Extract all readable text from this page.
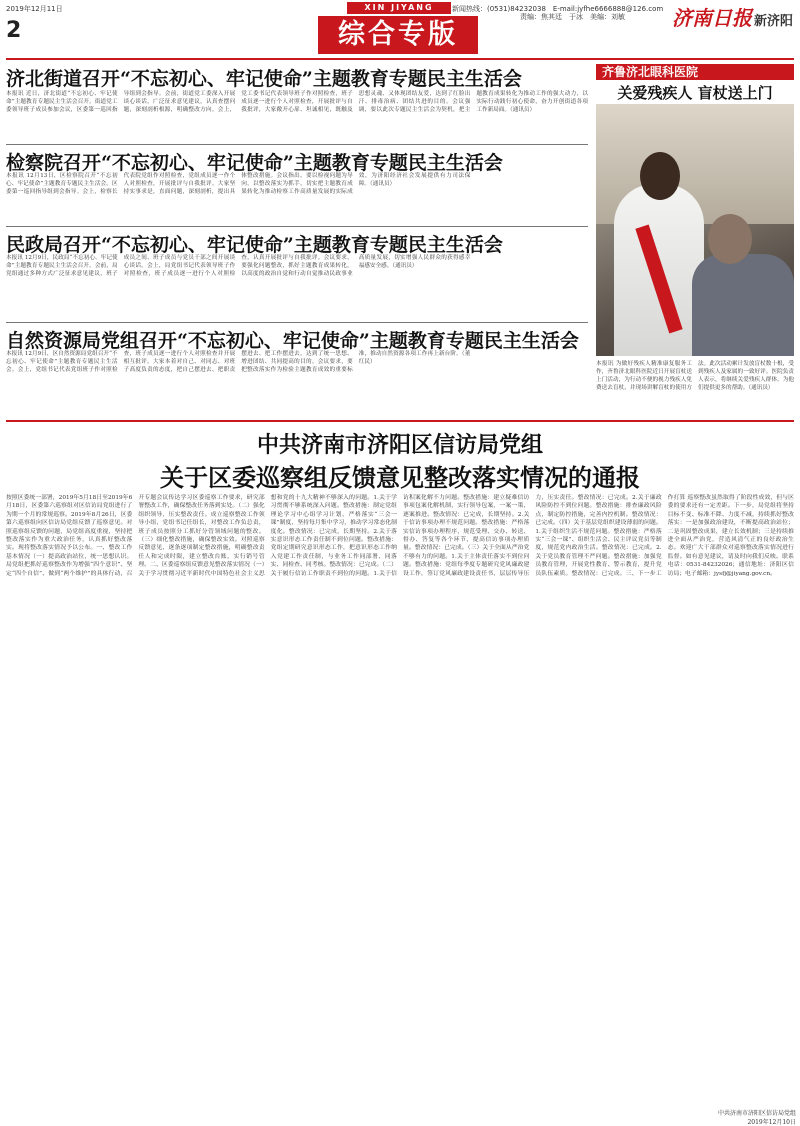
2019年12月11日	XIN JIYANG	新闻热线：(0531)84232038　E-mail:jyfhe6666888@126.com
责编：焦其廷　于冰　美编：刘敏
2	综合专版
济南日报 新济阳
济北街道召开“不忘初心、牢记使命”主题教育专题民主生活会
本报讯 近日，济北街道“不忘初心、牢记使命”主题教育专题民主生活会召开。街道党工委领导班子成员参加会议，区委第一巡回指导组到会指导。会前，街道党工委深入开展谈心谈话，广泛征求意见建议，认真查摆问题，深刻剖析根源，明确整改方向。会上，党工委书记代表领导班子作对照检查，班子成员逐一进行个人对照检查，开展批评与自我批评，大家敞开心扉、坦诚相见，既触及思想灵魂、又体现团结友爱，达到了红脸出汗、排毒治病、团结共进的目的。会议强调，要以此次专题民主生活会为契机，把主题教育成果转化为推动工作的强大动力，以实际行动践行初心使命，奋力开创街道各项工作新局面。（通讯员）
检察院召开“不忘初心、牢记使命”主题教育专题民主生活会
本报讯 12月13日，区检察院召开“不忘初心、牢记使命”主题教育专题民主生活会。区委第一巡回指导组到会指导。会上，检察长代表院党组作对照检查，党组成员逐一作个人对照检查，开展批评与自我批评。大家坚持实事求是，直面问题，深刻剖析，提出具体整改措施。会议指出，要以检视问题为导向，以整改落实为抓手，切实把主题教育成果转化为推动检察工作高质量发展的实际成效，为济阳经济社会发展提供有力司法保障。（通讯员）
民政局召开“不忘初心、牢记使命”主题教育专题民主生活会
本报讯 12月9日，民政局“不忘初心、牢记使命”主题教育专题民主生活会召开。会前，局党组通过多种方式广泛征求意见建议，班子成员之间、班子成员与党员干部之间开展谈心谈话。会上，局党组书记代表领导班子作对照检查，班子成员逐一进行个人对照检查，认真开展批评与自我批评。会议要求，要强化问题整改，抓好主题教育成果转化，以高度的政治自觉和行动自觉推动民政事业高质量发展，切实增强人民群众的获得感幸福感安全感。（通讯员）
自然资源局党组召开“不忘初心、牢记使命”主题教育专题民主生活会
本报讯 12月9日，区自然资源局党组召开“不忘初心、牢记使命”主题教育专题民主生活会。会上，党组书记代表党组班子作对照检查，班子成员逐一进行个人对照检查并开展相互批评。大家本着对自己、对同志、对班子高度负责的态度，把自己摆进去、把职责摆进去、把工作摆进去，达到了统一思想、增进团结、共同提高的目的。会议要求，要把整改落实作为检验主题教育成效的重要标准，推动自然资源各项工作再上新台阶。（董红民）
齐鲁济北眼科医院
关爱残疾人 盲杖送上门
本报讯 为做好残疾人精准康复服务工作，齐鲁济北眼科医院近日开展盲杖送上门活动，为行动不便的视力残疾人免费送去盲杖，并现场讲解盲杖的使用方法。此次活动累计发放盲杖数十根，受到残疾人及家属的一致好评。医院负责人表示，将继续关爱残疾人群体，为他们提供更多的帮助。（通讯员）
中共济南市济阳区信访局党组
关于区委巡察组反馈意见整改落实情况的通报
按照区委统一部署，2019年5月18日至2019年6月18日，区委第六巡察组对区信访局党组进行了为期一个月的常规巡察。2019年8月26日，区委第六巡察组向区信访局党组反馈了巡察意见。对照巡察组反馈的问题，局党组高度重视，坚持把整改落实作为重大政治任务，认真抓好整改落实。现将整改落实情况予以公布。一、整改工作基本情况（一）提高政治站位，统一思想认识。局党组把抓好巡察整改作为增强“四个意识”、坚定“四个自信”、做到“两个维护”的具体行动，召开专题会议传达学习区委巡察工作要求，研究部署整改工作，确保整改任务落到实处。（二）强化组织领导，压实整改责任。成立巡察整改工作领导小组，党组书记任组长，对整改工作负总责，班子成员按照分工抓好分管领域问题的整改。（三）细化整改措施，确保整改实效。对照巡察反馈意见，逐条逐项制定整改措施，明确整改责任人和完成时限，建立整改台账，实行销号管理。二、区委巡察组反馈意见整改落实情况（一）关于学习贯彻习近平新时代中国特色社会主义思想和党的十九大精神不够深入的问题。1.关于学习贯彻不够系统深入问题。整改措施：制定党组理论学习中心组学习计划，严格落实“三会一课”制度，坚持每月集中学习，推动学习常态化制度化。整改情况：已完成，长期坚持。2.关于落实意识形态工作责任制不到位问题。整改措施：党组定期研究意识形态工作，把意识形态工作纳入党建工作责任制，与业务工作同部署、同落实、同检查、同考核。整改情况：已完成。（二）关于履行信访工作职责不到位的问题。1.关于信访积案化解不力问题。整改措施：建立疑难信访事项包案化解机制，实行领导包案，一案一策，逐案推进。整改情况：已完成，长期坚持。2.关于信访事项办理不规范问题。整改措施：严格落实信访事项办理程序，规范受理、交办、转送、督办、答复等各个环节，提高信访事项办理质量。整改情况：已完成。（三）关于全面从严治党不够有力的问题。1.关于主体责任落实不到位问题。整改措施：党组每季度专题研究党风廉政建设工作，签订党风廉政建设责任书，层层传导压力，压实责任。整改情况：已完成。2.关于廉政风险防控不到位问题。整改措施：排查廉政风险点，制定防控措施，完善内控机制。整改情况：已完成。（四）关于基层党组织建设薄弱的问题。1.关于组织生活不规范问题。整改措施：严格落实“三会一课”、组织生活会、民主评议党员等制度，规范党内政治生活。整改情况：已完成。2.关于党员教育管理不严问题。整改措施：加强党员教育管理，开展党性教育、警示教育，提升党员队伍素质。整改情况：已完成。三、下一步工作打算 巡察整改虽然取得了阶段性成效，但与区委的要求还有一定差距。下一步，局党组将坚持目标不变、标准不降、力度不减，持续抓好整改落实：一是加强政治建设，不断提高政治站位；二是巩固整改成果，建立长效机制；三是持续推进全面从严治党，营造风清气正的良好政治生态。欢迎广大干部群众对巡察整改落实情况进行监督。如有意见建议，请及时向我们反映。联系电话：0531-84232026；通信地址：济阳区信访局；电子邮箱：jysfj@jiyang.gov.cn。
中共济南市济阳区信访局党组
2019年12月10日
